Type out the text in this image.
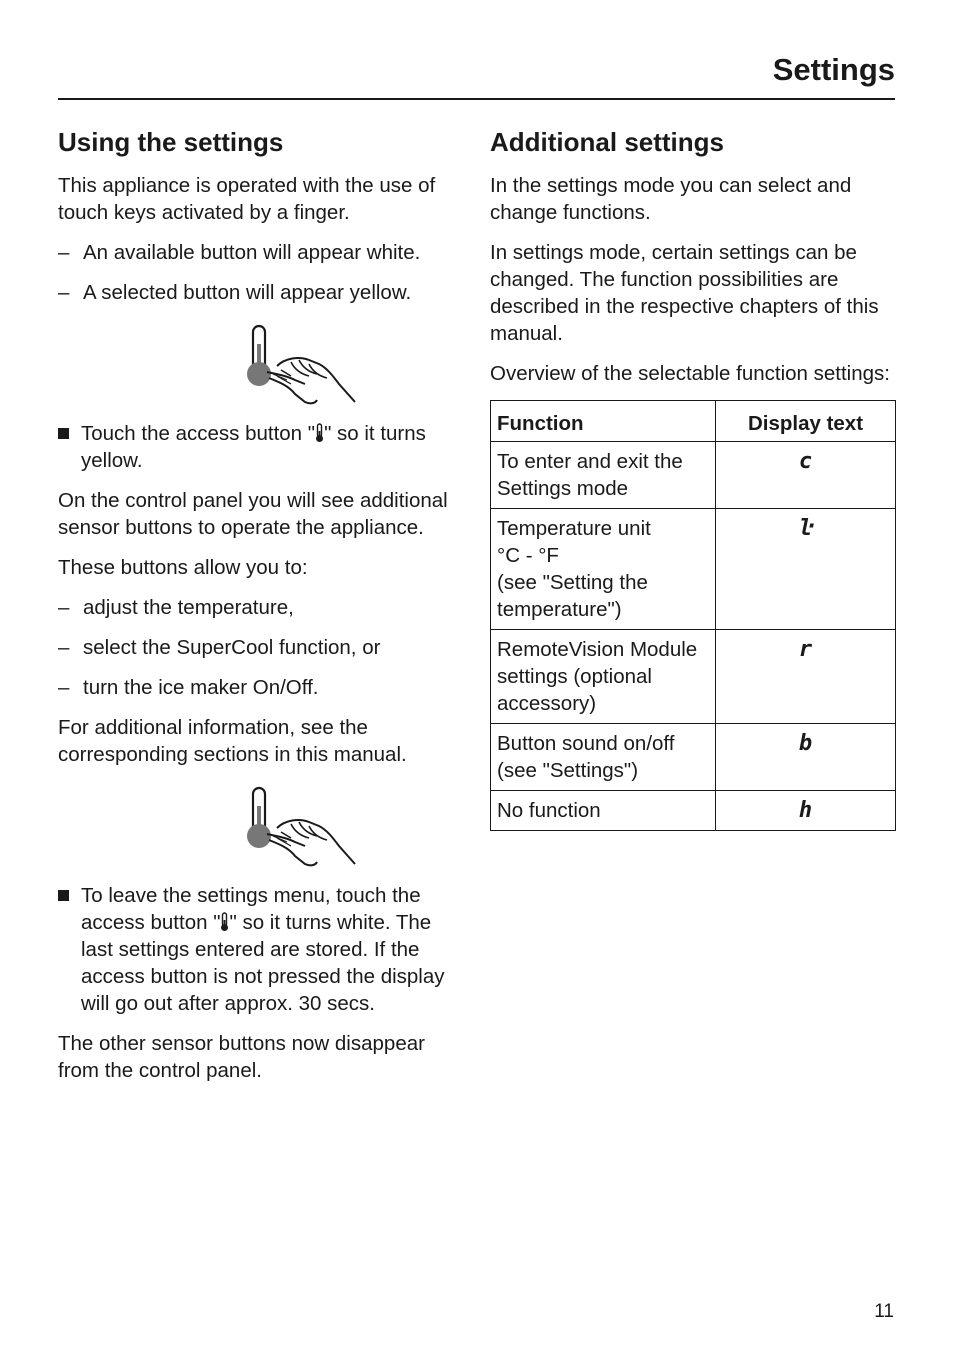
Settings
Using the settings

This appliance is operated with the use of touch keys activated by a finger.

– An available button will appear white.
– A selected button will appear yellow.
Touch the access button " " so it turns yellow.

On the control panel you will see additional sensor buttons to operate the appliance.

These buttons allow you to:

– adjust the temperature,
– select the SuperCool function, or
– turn the ice maker On/Off.

For additional information, see the corresponding sections in this manual.

To leave the settings menu, touch the access button " " so it turns white. The last settings entered are stored. If the access button is not pressed the display will go out after approx. 30 secs.

The other sensor buttons now disappear from the control panel.

Additional settings

In the settings mode you can select and change functions.

In settings mode, certain settings can be changed. The function possibilities are described in the respective chapters of this manual.

Overview of the selectable function settings:

Function	Display text
To enter and exit the Settings mode	c
Temperature unit
°C - °F
(see "Setting the temperature")	ŀ
RemoteVision Module settings (optional accessory)	r
Button sound on/off (see "Settings")	b
No function	h
11
